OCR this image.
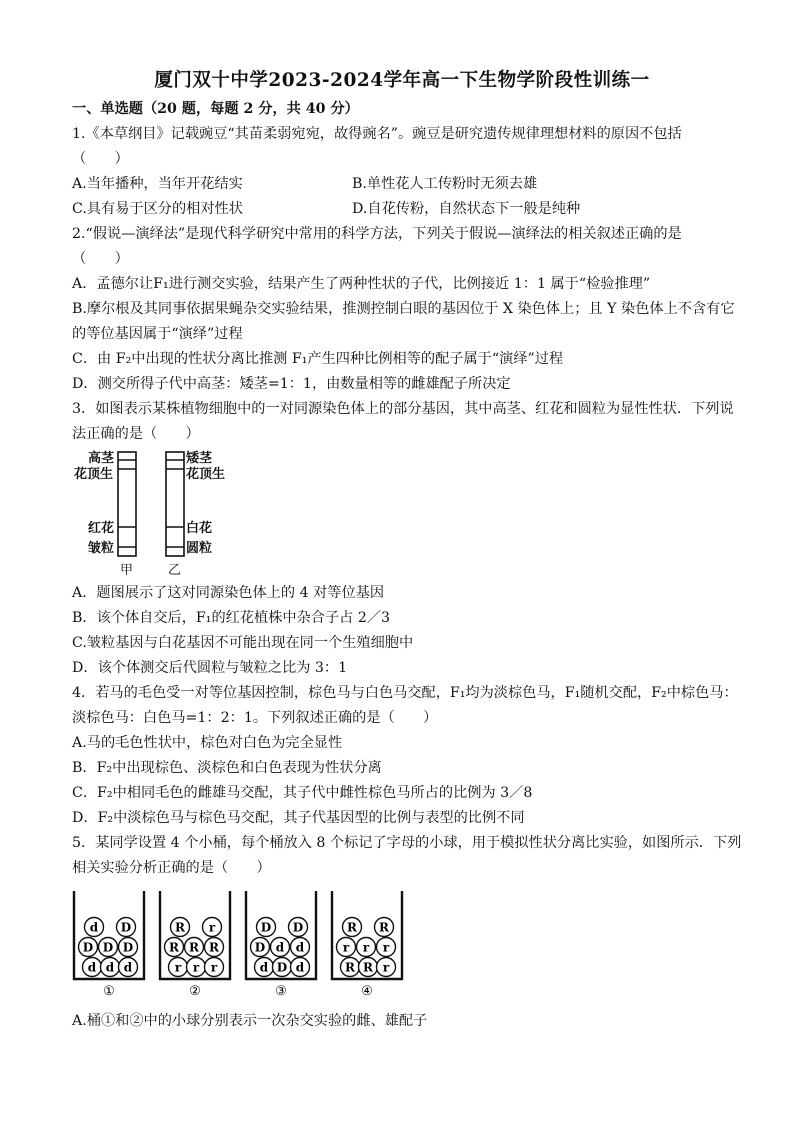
厦门双十中学2023-2024学年高一下生物学阶段性训练一
一、单选题（20 题，每题 2 分，共 40 分）
1.《本草纲目》记载豌豆“其苗柔弱宛宛，故得豌名”。豌豆是研究遗传规律理想材料的原因不包括
（　　）
A.当年播种，当年开花结实	B.单性花人工传粉时无须去雄
C.具有易于区分的相对性状	D.自花传粉，自然状态下一般是纯种
2.“假说—演绎法”是现代科学研究中常用的科学方法，下列关于假说—演绎法的相关叙述正确的是
（　　）
A．孟德尔让F₁进行测交实验，结果产生了两种性状的子代，比例接近 1：1 属于“检验推理”
B.摩尔根及其同事依据果蝇杂交实验结果，推测控制白眼的基因位于 X 染色体上；且 Y 染色体上不含有它
的等位基因属于“演绎”过程
C．由 F₂中出现的性状分离比推测 F₁产生四种比例相等的配子属于“演绎”过程
D．测交所得子代中高茎：矮茎=1：1，由数量相等的雌雄配子所决定
3．如图表示某株植物细胞中的一对同源染色体上的部分基因，其中高茎、红花和圆粒为显性性状．下列说
法正确的是（　　）
高茎
花顶生
红花
皱粒
矮茎
花顶生
白花
圆粒
甲	乙
A．题图展示了这对同源染色体上的 4 对等位基因
B．该个体自交后，F₁的红花植株中杂合子占 2／3
C.皱粒基因与白花基因不可能出现在同一个生殖细胞中
D．该个体测交后代圆粒与皱粒之比为 3：1
4．若马的毛色受一对等位基因控制，棕色马与白色马交配，F₁均为淡棕色马，F₁随机交配，F₂中棕色马：
淡棕色马：白色马=1：2：1。下列叙述正确的是（　　）
A.马的毛色性状中，棕色对白色为完全显性
B．F₂中出现棕色、淡棕色和白色表现为性状分离
C．F₂中相同毛色的雌雄马交配，其子代中雌性棕色马所占的比例为 3／8
D．F₂中淡棕色马与棕色马交配，其子代基因型的比例与表型的比例不同
5．某同学设置 4 个小桶，每个桶放入 8 个标记了字母的小球，用于模拟性状分离比实验，如图所示．下列
相关实验分析正确的是（　　）
d D
D D D
d d d
①
R r
R R R
r r r
②
D D
D d d
d D d
③
R R
r r r
R R r
④
A.桶①和②中的小球分别表示一次杂交实验的雌、雄配子
